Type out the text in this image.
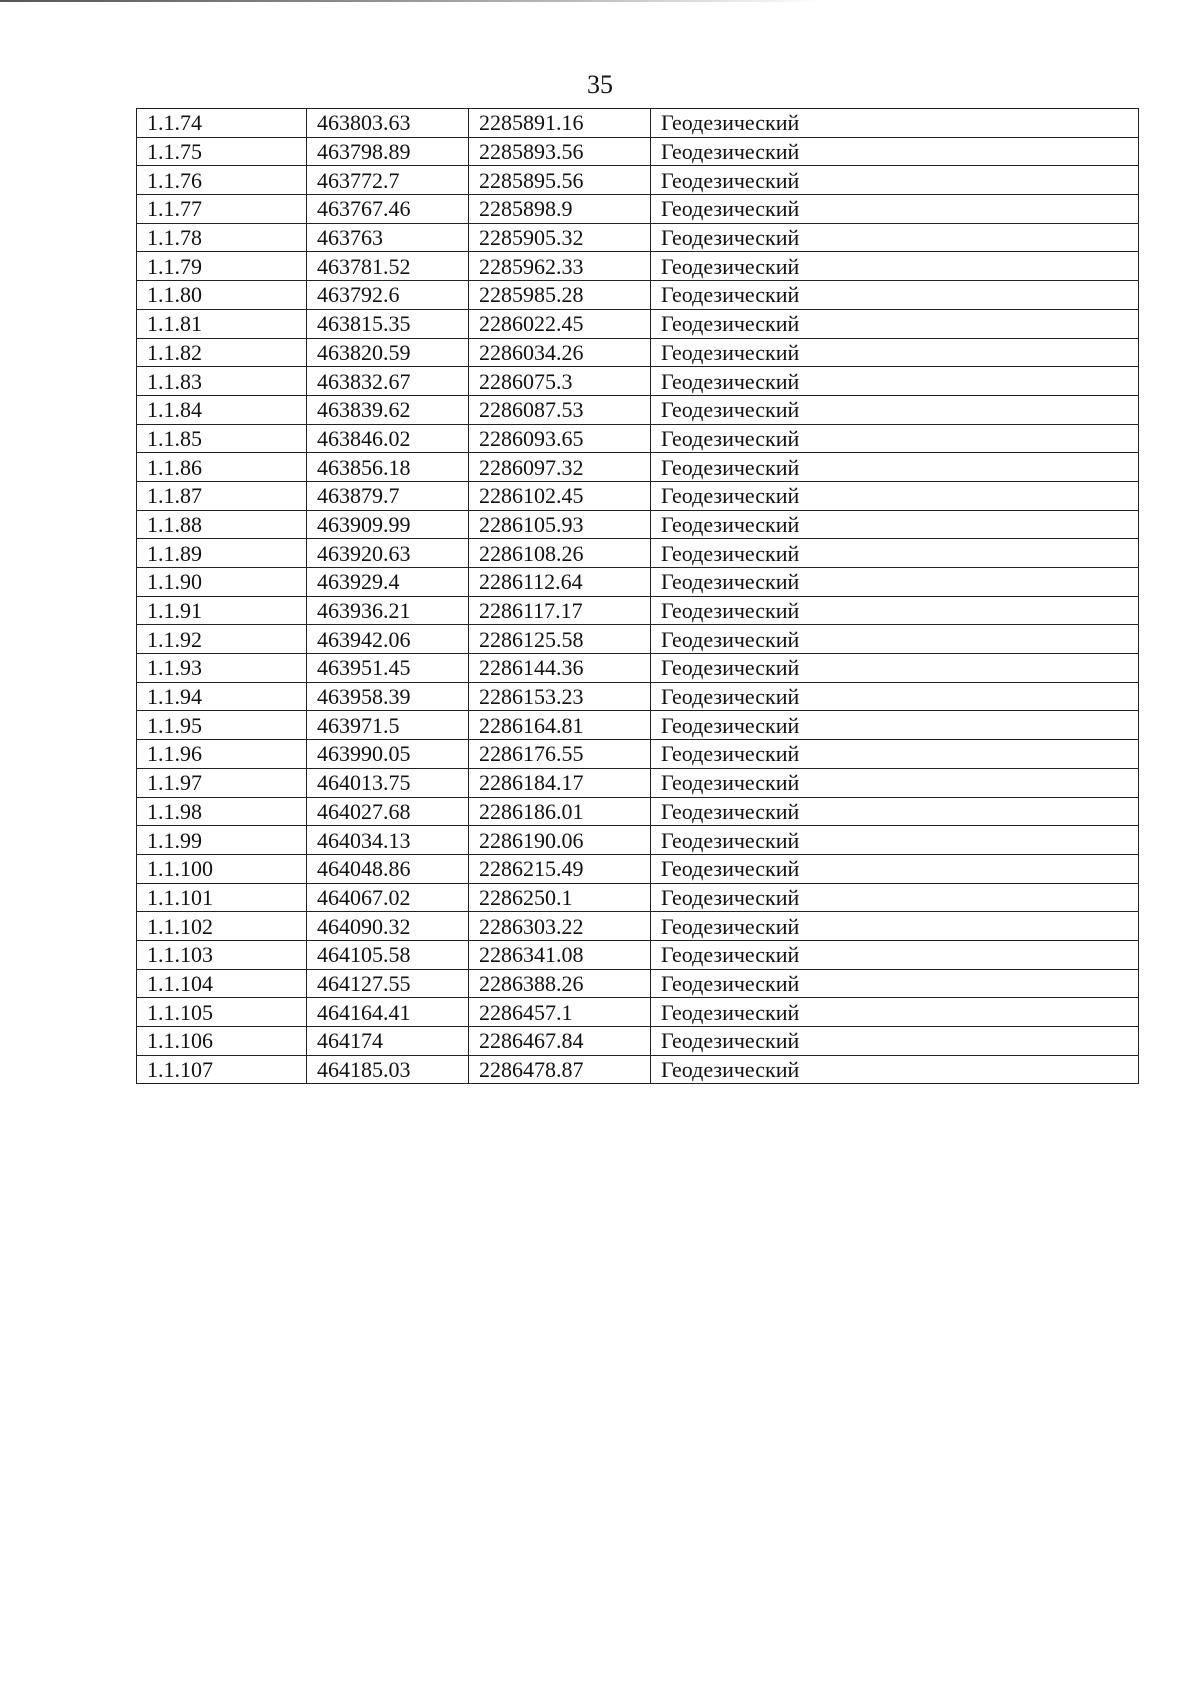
35
1.1.74	463803.63	2285891.16	Геодезический
1.1.75	463798.89	2285893.56	Геодезический
1.1.76	463772.7	2285895.56	Геодезический
1.1.77	463767.46	2285898.9	Геодезический
1.1.78	463763	2285905.32	Геодезический
1.1.79	463781.52	2285962.33	Геодезический
1.1.80	463792.6	2285985.28	Геодезический
1.1.81	463815.35	2286022.45	Геодезический
1.1.82	463820.59	2286034.26	Геодезический
1.1.83	463832.67	2286075.3	Геодезический
1.1.84	463839.62	2286087.53	Геодезический
1.1.85	463846.02	2286093.65	Геодезический
1.1.86	463856.18	2286097.32	Геодезический
1.1.87	463879.7	2286102.45	Геодезический
1.1.88	463909.99	2286105.93	Геодезический
1.1.89	463920.63	2286108.26	Геодезический
1.1.90	463929.4	2286112.64	Геодезический
1.1.91	463936.21	2286117.17	Геодезический
1.1.92	463942.06	2286125.58	Геодезический
1.1.93	463951.45	2286144.36	Геодезический
1.1.94	463958.39	2286153.23	Геодезический
1.1.95	463971.5	2286164.81	Геодезический
1.1.96	463990.05	2286176.55	Геодезический
1.1.97	464013.75	2286184.17	Геодезический
1.1.98	464027.68	2286186.01	Геодезический
1.1.99	464034.13	2286190.06	Геодезический
1.1.100	464048.86	2286215.49	Геодезический
1.1.101	464067.02	2286250.1	Геодезический
1.1.102	464090.32	2286303.22	Геодезический
1.1.103	464105.58	2286341.08	Геодезический
1.1.104	464127.55	2286388.26	Геодезический
1.1.105	464164.41	2286457.1	Геодезический
1.1.106	464174	2286467.84	Геодезический
1.1.107	464185.03	2286478.87	Геодезический
